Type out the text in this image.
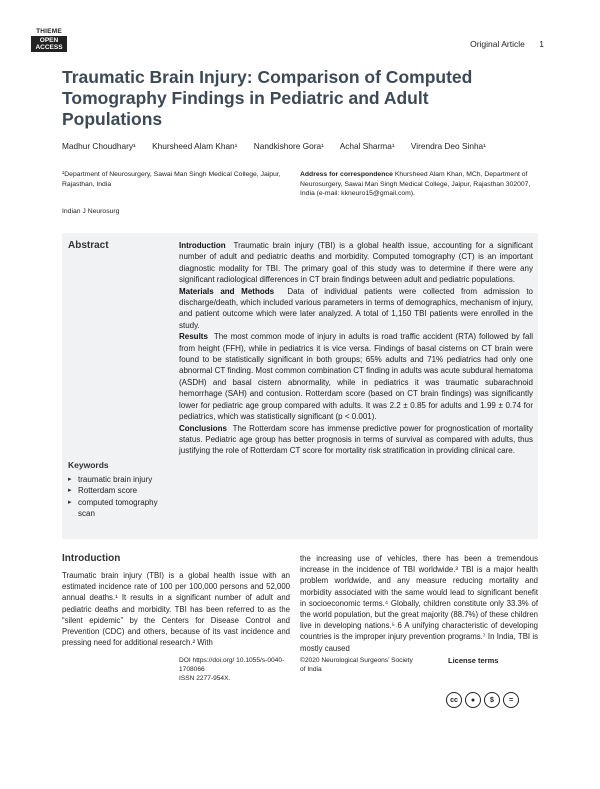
THIEME
OPEN
ACCESS	Original Article 1
Traumatic Brain Injury: Comparison of Computed Tomography Findings in Pediatric and Adult Populations
Madhur Choudhary¹ Khursheed Alam Khan¹ Nandkishore Gora¹ Achal Sharma¹ Virendra Deo Sinha¹
¹Department of Neurosurgery, Sawai Man Singh Medical College, Jaipur, Rajasthan, India
Address for correspondence Khursheed Alam Khan, MCh, Department of Neurosurgery, Sawai Man Singh Medical College, Jaipur, Rajasthan 302007, India (e-mail: kkneuro15@gmail.com).
Indian J Neurosurg
Abstract	Introduction Traumatic brain injury (TBI) is a global health issue, accounting for a significant number of adult and pediatric deaths and morbidity. Computed tomography (CT) is an important diagnostic modality for TBI. The primary goal of this study was to determine if there were any significant radiological differences in CT brain findings between adult and pediatric populations.

Materials and Methods Data of individual patients were collected from admission to discharge/death, which included various parameters in terms of demographics, mechanism of injury, and patient outcome which were later analyzed. A total of 1,150 TBI patients were enrolled in the study.

Results The most common mode of injury in adults is road traffic accident (RTA) followed by fall from height (FFH), while in pediatrics it is vice versa. Findings of basal cisterns on CT brain were found to be statistically significant in both groups; 65% adults and 71% pediatrics had only one abnormal CT finding. Most common combination CT finding in adults was acute subdural hematoma (ASDH) and basal cistern abnormality, while in pediatrics it was traumatic subarachnoid hemorrhage (SAH) and contusion. Rotterdam score (based on CT brain findings) was significantly lower for pediatric age group compared with adults. It was 2.2 ± 0.85 for adults and 1.99 ± 0.74 for pediatrics, which was statistically significant (p < 0.001).

Conclusions The Rotterdam score has immense predictive power for prognostication of mortality status. Pediatric age group has better prognosis in terms of survival as compared with adults, thus justifying the role of Rotterdam CT score for mortality risk stratification in providing clinical care.

Keywords
▸ traumatic brain injury
▸ Rotterdam score
▸ computed tomography scan
Introduction

Traumatic brain injury (TBI) is a global health issue with an estimated incidence rate of 100 per 100,000 persons and 52,000 annual deaths.¹ It results in a significant number of adult and pediatric deaths and morbidity. TBI has been referred to as the “silent epidemic” by the Centers for Disease Control and Prevention (CDC) and others, because of its vast incidence and pressing need for additional research.² With

the increasing use of vehicles, there has been a tremendous increase in the incidence of TBI worldwide.³ TBI is a major health problem worldwide, and any measure reducing mortality and morbidity associated with the same would lead to significant benefit in socioeconomic terms.⁴ Globally, children constitute only 33.3% of the world population, but the great majority (88.7%) of these children live in developing nations.⁵˒6 A unifying characteristic of developing countries is the improper injury prevention programs.⁷ In India, TBI is mostly caused

DOI https://doi.org/ 10.1055/s-0040-1708066
ISSN 2277-954X.
©2020 Neurological Surgeons’ Society of India
License terms
cc	●	$	=
